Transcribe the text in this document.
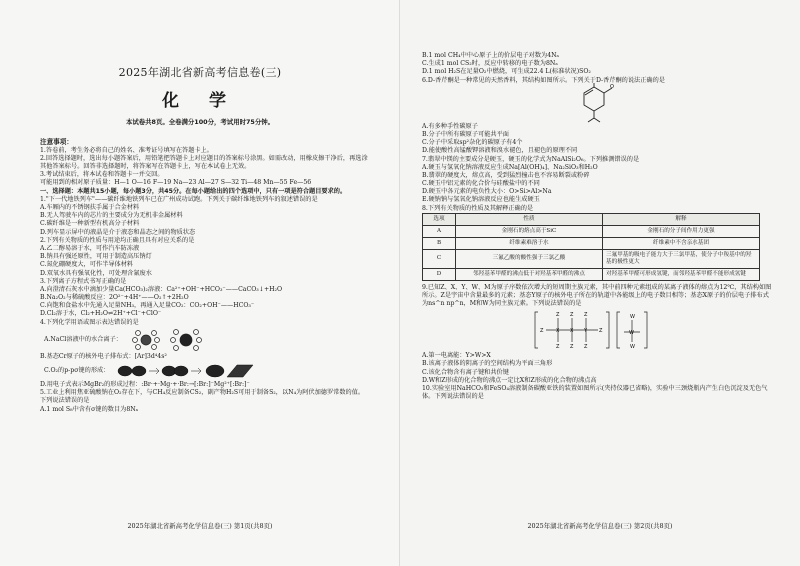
2025年湖北省新高考信息卷(三)
化 学
本试卷共8页。全卷满分100分，考试用时75分钟。

注意事项：

1.答卷前，考生务必将自己的姓名、准考证号填写在答题卡上。

2.回答选择题时，选出每小题答案后，用铅笔把答题卡上对应题目的答案标号涂黑。如需改动，用橡皮擦干净后，再选涂其他答案标号。回答非选择题时，将答案写在答题卡上，写在本试卷上无效。

3.考试结束后，将本试卷和答题卡一并交回。

可能用到的相对原子质量：H—1 O—16 F—19 Na—23 Al—27 S—32 Ti—48 Mn—55 Fe—56

一、选择题：本题共15小题，每小题3分，共45分。在每小题给出的四个选项中，只有一项是符合题目要求的。

1."下一代地铁列车"——碳纤维地铁列车已在广州成功试跑。下列关于碳纤维地铁列车的叙述错误的是

A.车厢内的不锈钢扶手属于合金材料

B.无人驾驶车内的芯片的主要成分为无机非金属材料

C.碳纤维是一种新型有机高分子材料

D.列车显示屏中的液晶是介于液态和晶态之间的物质状态

2.下列有关物质的性质与用途均正确且具有对应关系的是

A.乙二醇易溶于水，可作汽车防冻液

B.钠具有强还原性，可用于制造高压钠灯

C.氮化硼硬度大，可作半导体材料

D.双氧水具有强氧化性，可处理含氰废水

3.下列离子方程式书写正确的是

A.向澄清石灰水中滴加少量Ca(HCO₃)₂溶液：Ca²⁺+OH⁻+HCO₃⁻——CaCO₃↓+H₂O

B.Na₂O₂与稀硫酸反应：2O²⁻+4H⁺——O₂↑+2H₂O

C.向饱和食盐水中先通入足量NH₃，再通入足量CO₂：CO₂+OH⁻——HCO₃⁻

D.Cl₂溶于水，Cl₂+H₂O⇌2H⁺+Cl⁻+ClO⁻

4.下列化学用语或图示表达错误的是

A.NaCl溶液中的水合离子：

B.基态Cr原子的核外电子排布式：[Ar]3d⁴4s²

C.O₂的p-pσ键的形成：

D.用电子式表示MgBr₂的形成过程：:Br·+·Mg·+·Br:→[:Br:]⁻Mg²⁺[:Br:]⁻

5.工业上利用焦亚硫酸钠在O₂存在下，与CH₄反应制备CS₂，副产物H₂S可用于制备S₂，以N₄为阿伏加德罗常数的值。下列说法错误的是

A.1 mol S₈中含有σ键的数目为8Nₐ

2025年湖北省新高考化学信息卷(三) 第1页(共8页)

B.1 mol CH₄中中心原子上的价层电子对数为4Nₐ

C.生成1 mol CS₂时，反应中转移的电子数为8Nₐ

D.1 mol H₂S在足量O₂中燃烧，可生成22.4 L(标准状况)SO₂

6.D-香芹酮是一种常见的天然香料，其结构如图所示。下列关于D-香芹酮的说法正确的是

O

A.有多种手性碳原子

B.分子中所有碳原子可能共平面

C.分子中采取sp²杂化的碳原子有4个

D.能使酸性高锰酸钾溶液和溴水褪色，且褪色的原理不同

7.翡翠中镁的主要成分是硬玉，硬玉的化学式为NaAlSi₂O₆。下列推测错误的是

A.硬玉与氢氧化钠溶液反应生成Na[Al(OH)₄]、Na₂SiO₃和H₂O

B.翡翠的硬度大，熔点高，受到猛烈撞击也不容易断裂或粉碎

C.硬玉中铝元素的化合价与硅酸盐中的不同

D.硬玉中各元素的电负性大小：O>Si>Al>Na

E.硬钠钠与氢氧化钠溶液反应也能生成硬玉

8.下列有关物质的性质及其解释正确的是

选项	性质	解释
A	金刚石的熔点高于SiC	金刚石的分子间作用力更强
B	纤维素难溶于水	纤维素中不含亲水基团
C	三氟乙酸的酸性强于三氯乙酸	三氟甲基的吸电子能力大于三氯甲基，使分子中羧基中的羟基的极性更大
D	邻羟基苯甲醛的沸点低于对羟基苯甲醛的沸点	对羟基苯甲醛可形成氢键，而邻羟基苯甲醛不能形成氢键

9.已知Z、X、Y、W、M为原子序数依次增大的短周期主族元素，其中前四种元素组成的某离子液体的熔点为12℃，其结构如图所示。Z是宇宙中含量最多的元素；基态Y原子的核外电子所在的轨道中各能级上的电子数目相等；基态X原子的价层电子排布式为ns^n np^n，M和W为同主族元素。下列说法错误的是

Z
Z Z Z
X X Y Z
Z Z Z
W
W
W

A.第一电离能：Y>W>X

B.该离子液体的阴离子的空间结构为平面三角形

C.该化合物含有离子键和共价键

D.W和Z形成的化合物的沸点一定比X和Z形成的化合物的沸点高

10.实验室用NaHCO₃和FeSO₄溶液制备碳酸亚铁的装置如图所示(夹持仪器已省略)，实验中三颈烧瓶内产生白色沉淀及无色气体。下列说法错误的是

2025年湖北省新高考化学信息卷(三) 第2页(共8页)
